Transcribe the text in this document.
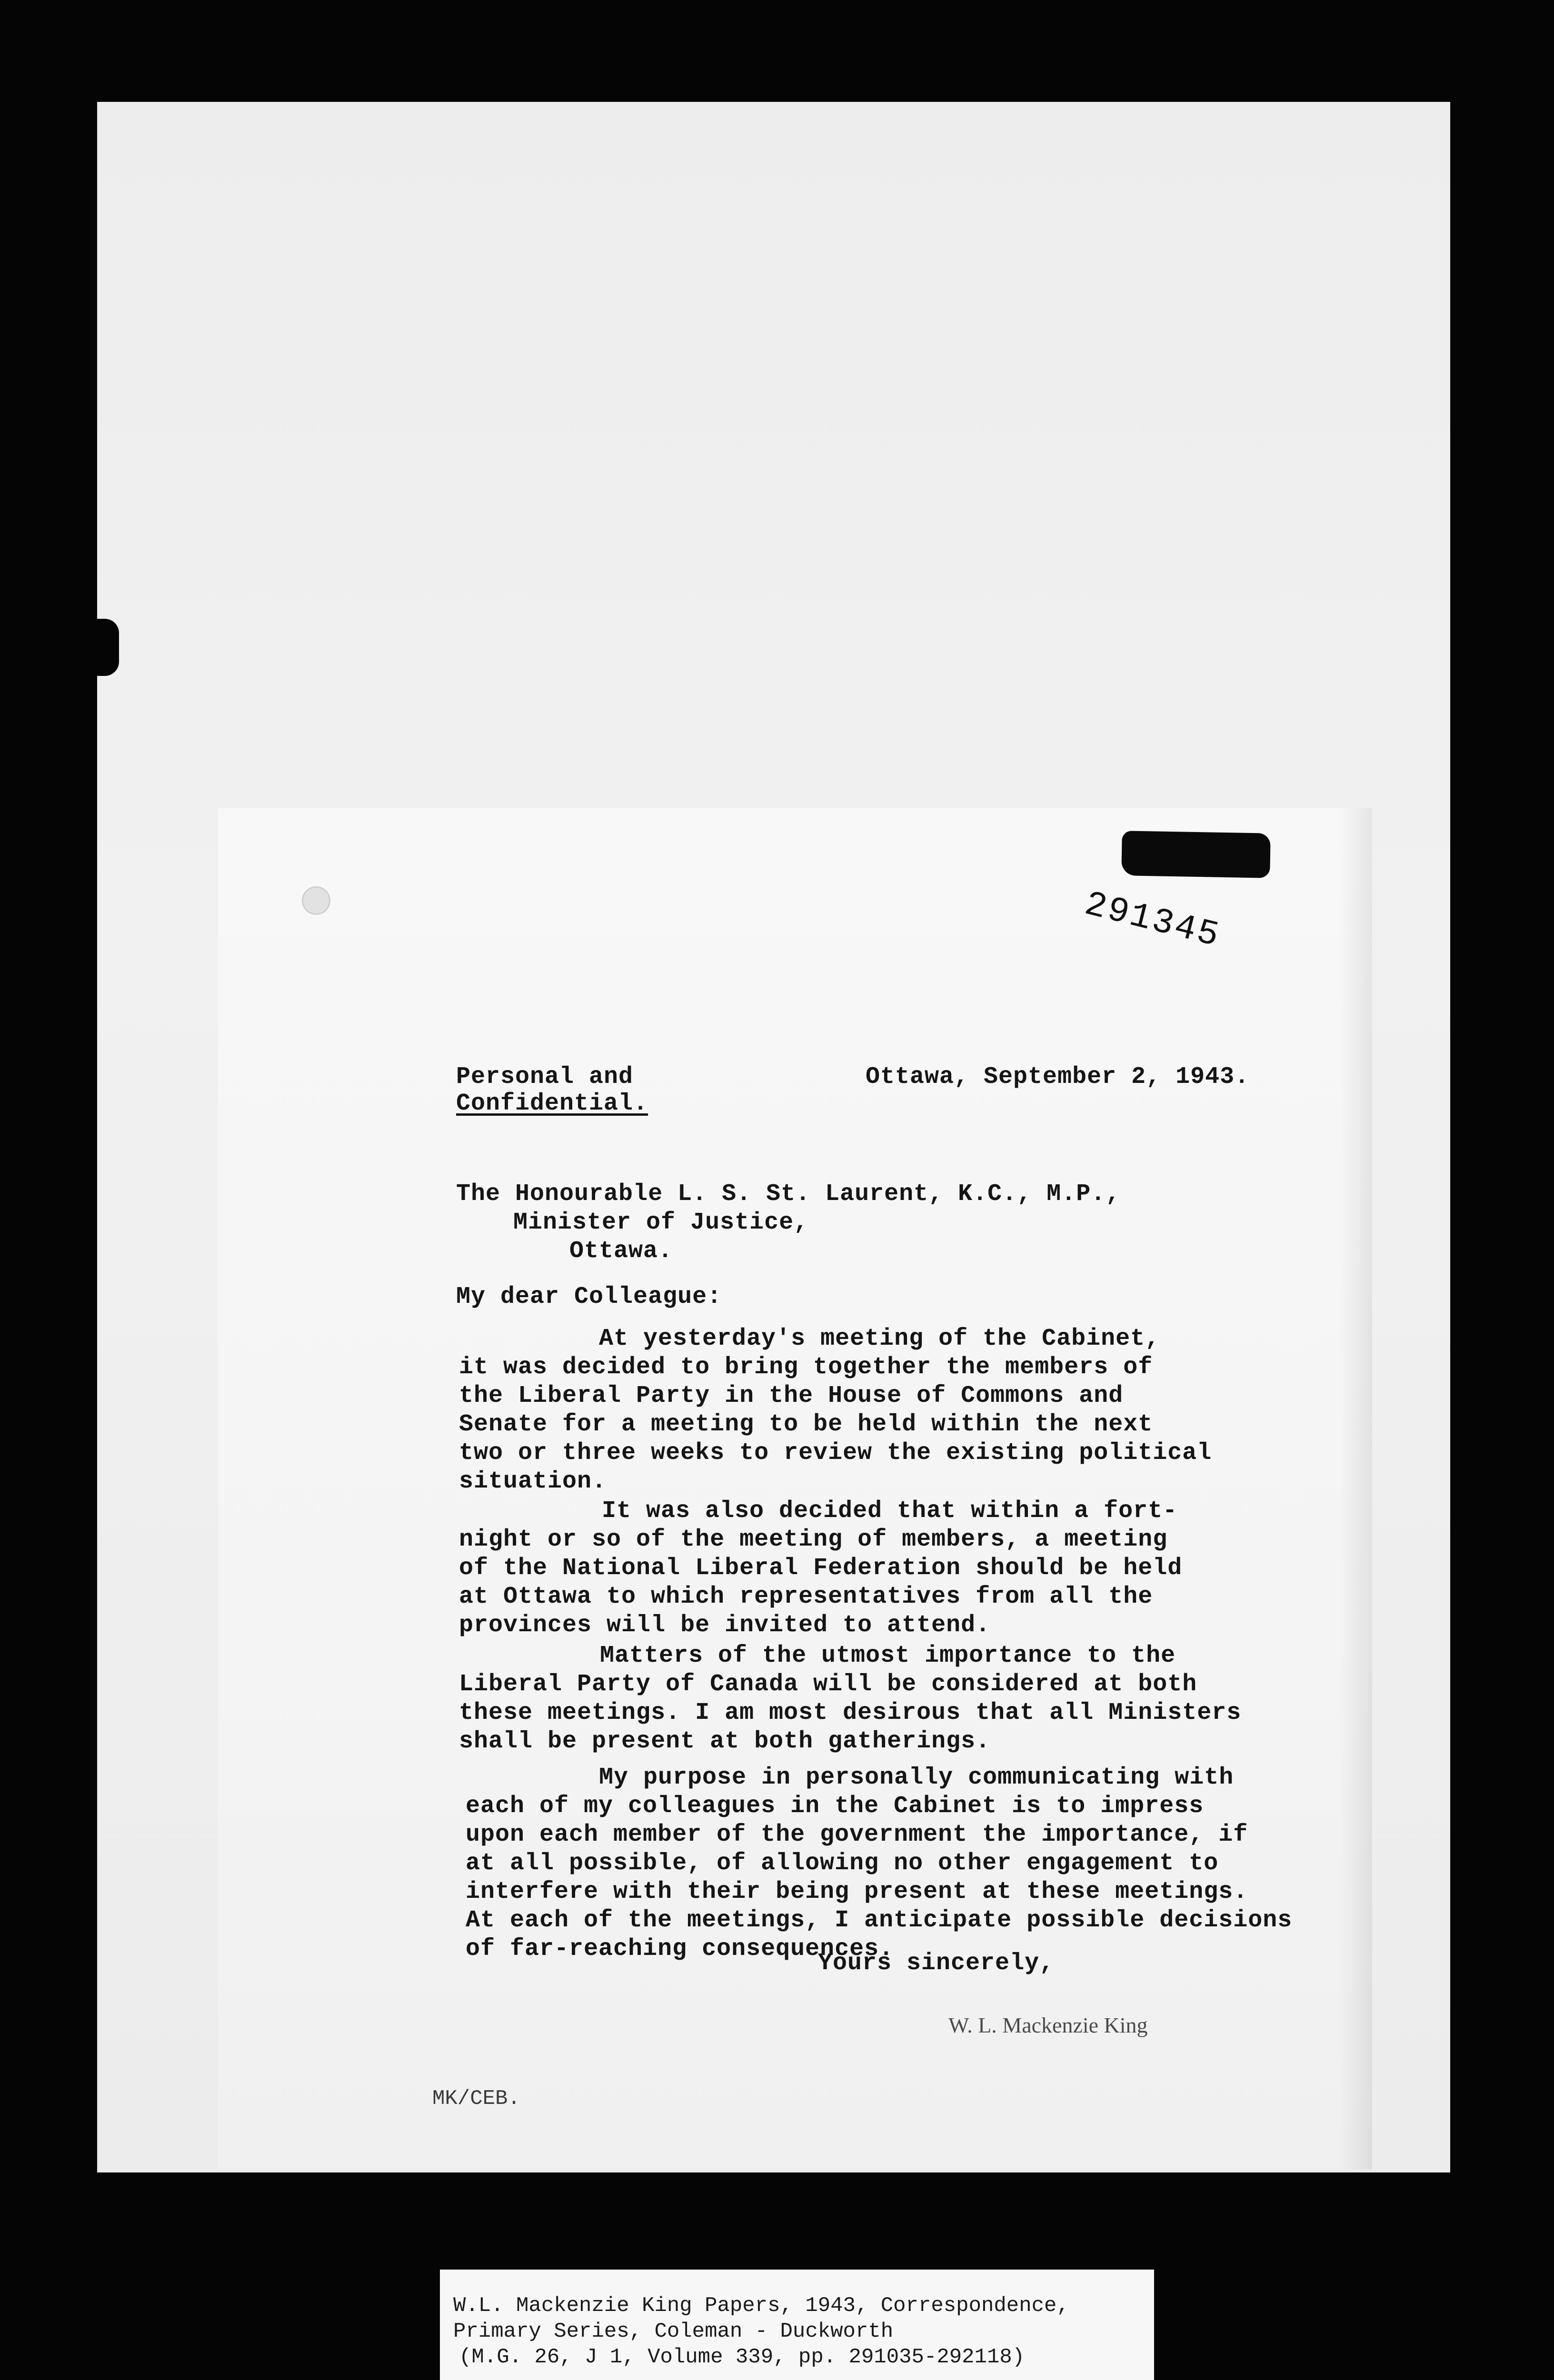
291345
Personal and
Confidential.
Ottawa, September 2, 1943.
The Honourable L. S. St. Laurent, K.C., M.P.,
Minister of Justice,
Ottawa.
My dear Colleague:
At yesterday's meeting of the Cabinet,
it was decided to bring together the members of
the Liberal Party in the House of Commons and
Senate for a meeting to be held within the next
two or three weeks to review the existing political
situation.
It was also decided that within a fort-
night or so of the meeting of members, a meeting
of the National Liberal Federation should be held
at Ottawa to which representatives from all the
provinces will be invited to attend.
Matters of the utmost importance to the
Liberal Party of Canada will be considered at both
these meetings. I am most desirous that all Ministers
shall be present at both gatherings.
My purpose in personally communicating with
each of my colleagues in the Cabinet is to impress
upon each member of the government the importance, if
at all possible, of allowing no other engagement to
interfere with their being present at these meetings.
At each of the meetings, I anticipate possible decisions
of far-reaching consequences.
Yours sincerely,
W. L. Mackenzie King
MK/CEB.
W.L. Mackenzie King Papers, 1943, Correspondence,
Primary Series, Coleman - Duckworth
(M.G. 26, J 1, Volume 339, pp. 291035-292118)
